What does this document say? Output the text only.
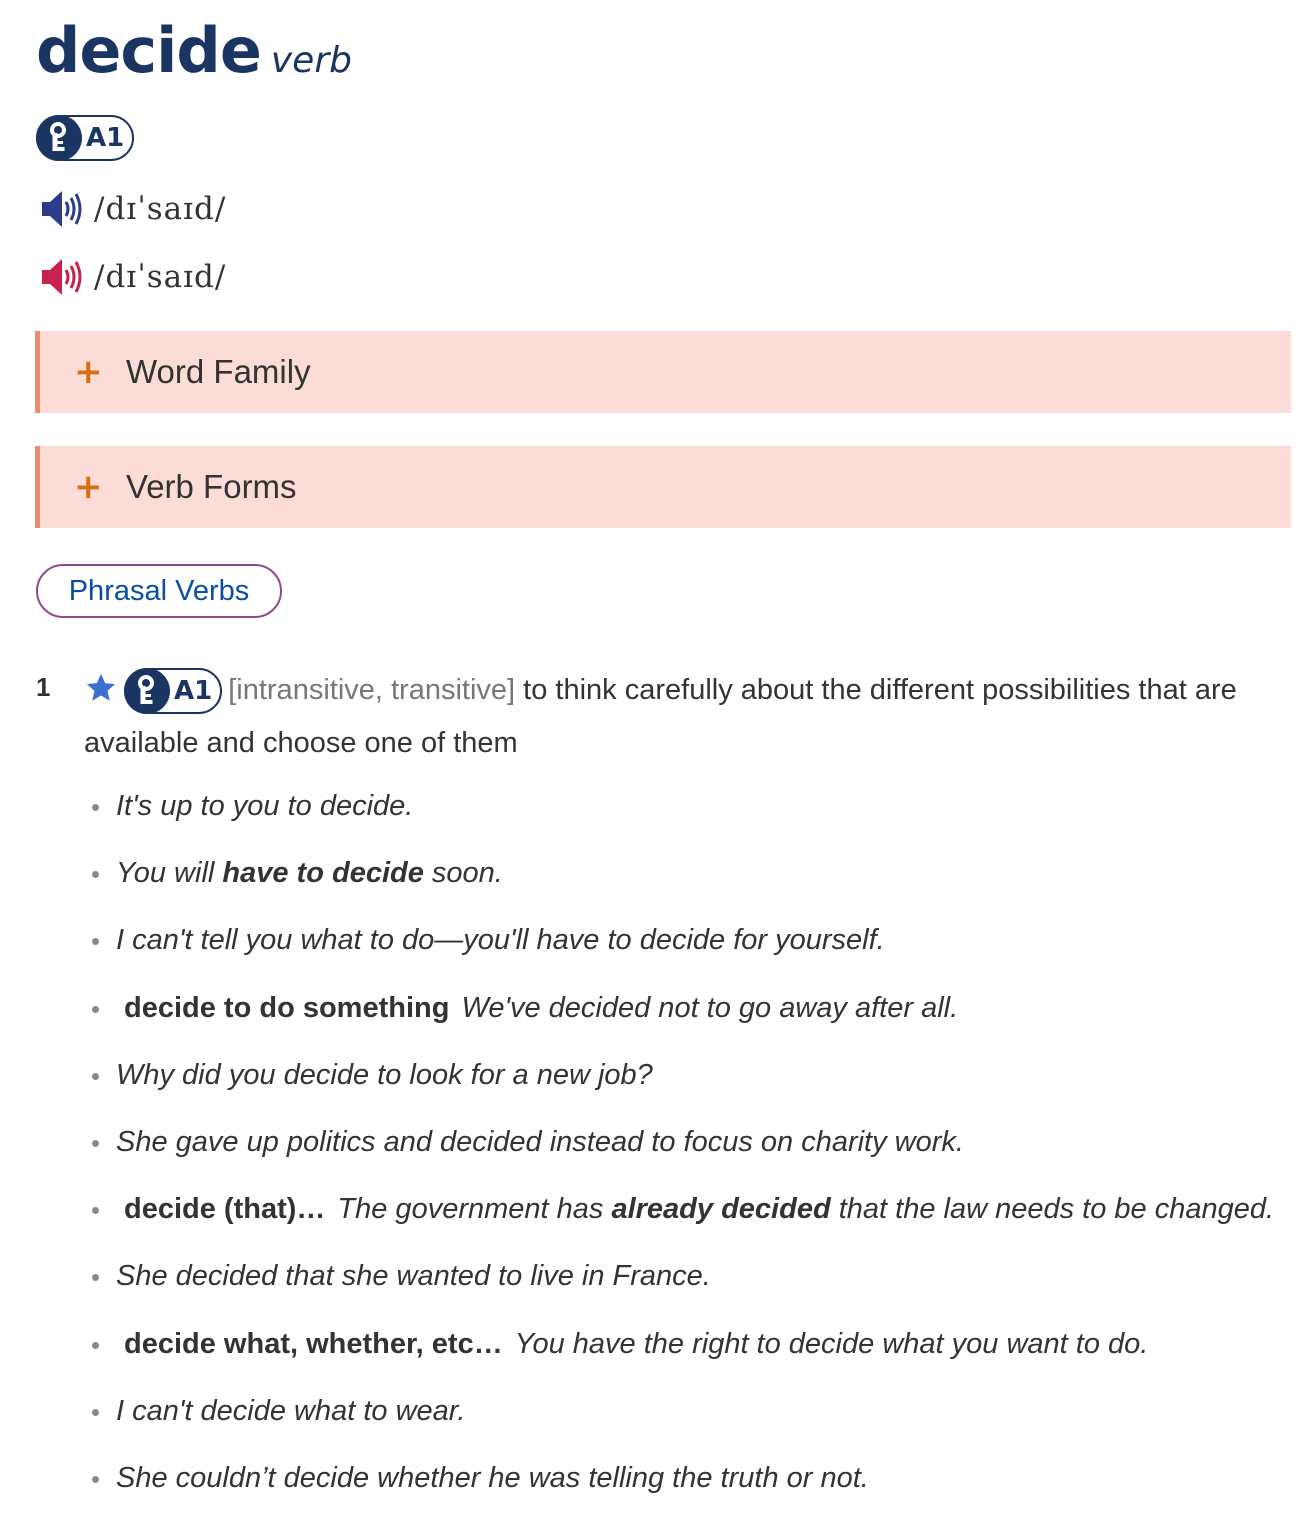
decide verb
A1
/dɪˈsaɪd/
/dɪˈsaɪd/
+ Word Family
+ Verb Forms
Phrasal Verbs
1	A1 [intransitive, transitive] to think carefully about the different possibilities that are available and choose one of them
It's up to you to decide.
You will have to decide soon.
I can't tell you what to do—you'll have to decide for yourself.
decide to do something We've decided not to go away after all.
Why did you decide to look for a new job?
She gave up politics and decided instead to focus on charity work.
decide (that)… The government has already decided that the law needs to be changed.
She decided that she wanted to live in France.
decide what, whether, etc… You have the right to decide what you want to do.
I can't decide what to wear.
She couldn’t decide whether he was telling the truth or not.
